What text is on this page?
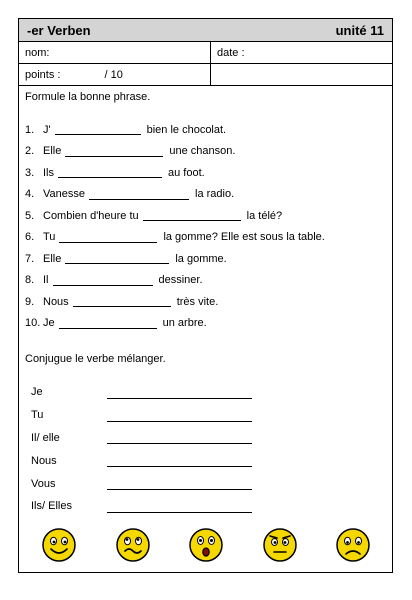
-er Verben	unité 11
nom:	date :
points :	/ 10
Formule la bonne phrase.
1. J'	bien le chocolat.
2. Elle	une chanson.
3. Ils	au foot.
4. Vanesse	la radio.
5. Combien d'heure tu	la télé?
6. Tu	la gomme? Elle est sous la table.
7. Elle	la gomme.
8. Il	dessiner.
9. Nous	très vite.
10. Je	un arbre.
Conjugue le verbe mélanger.
Je
Tu
Il/ elle
Nous
Vous
Ils/ Elles
